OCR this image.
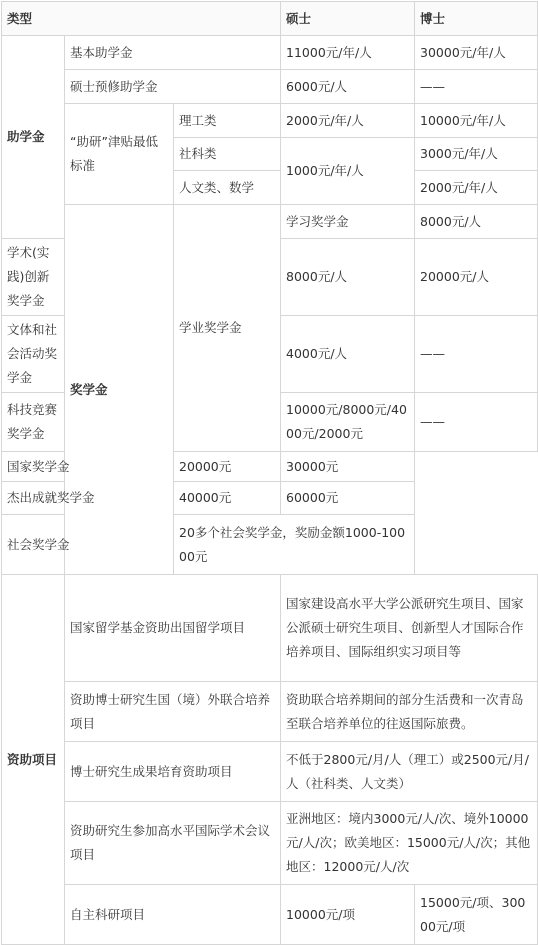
类型			硕士	博士	
助学金	基本助学金		11000元/年/人	30000元/年/人	
	硕士预修助学金		6000元/人	——	
	“助研”津贴最低标准	理工类	2000元/年/人	10000元/年/人	
		社科类	1000元/年/人	3000元/年/人	
		人文类、数学		2000元/年/人	
	奖学金	学业奖学金	学习奖学金	8000元/人	
学术(实践)创新奖学金			8000元/人	20000元/人	
文体和社会活动奖学金			4000元/人	——	
科技竞赛奖学金			10000元/8000元/4000元/2000元	——	
国家奖学金		20000元	30000元		
杰出成就奖学金		40000元	60000元		
社会奖学金		20多个社会奖学金，奖励金额1000-10000元			
资助项目	国家留学基金资助出国留学项目		国家建设高水平大学公派研究生项目、国家公派硕士研究生项目、创新型人才国际合作培养项目、国际组织实习项目等		
	资助博士研究生国（境）外联合培养项目		资助联合培养期间的部分生活费和一次青岛至联合培养单位的往返国际旅费。		
	博士研究生成果培育资助项目		不低于2800元/月/人（理工）或2500元/月/人（社科类、人文类）		
	资助研究生参加高水平国际学术会议项目		亚洲地区：境内3000元/人/次、境外10000元/人/次；欧美地区：15000元/人/次；其他地区：12000元/人/次		
	自主科研项目		10000元/项	15000元/项、30000元/项	
